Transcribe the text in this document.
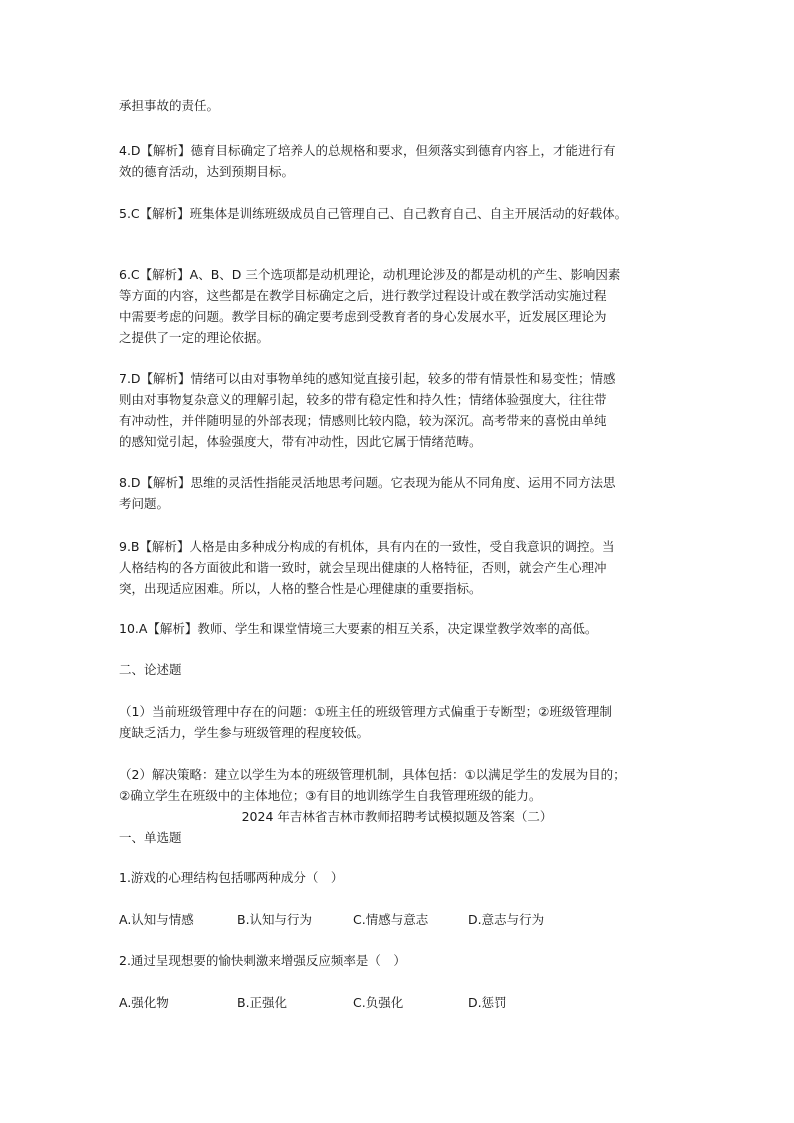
承担事故的责任。

4.D【解析】德育目标确定了培养人的总规格和要求，但须落实到德育内容上，才能进行有
效的德育活动，达到预期目标。

5.C【解析】班集体是训练班级成员自己管理自己、自己教育自己、自主开展活动的好载体。

6.C【解析】A、B、D 三个选项都是动机理论，动机理论涉及的都是动机的产生、影响因素
等方面的内容，这些都是在教学目标确定之后，进行教学过程设计或在教学活动实施过程
中需要考虑的问题。教学目标的确定要考虑到受教育者的身心发展水平，近发展区理论为
之提供了一定的理论依据。

7.D【解析】情绪可以由对事物单纯的感知觉直接引起，较多的带有情景性和易变性；情感
则由对事物复杂意义的理解引起，较多的带有稳定性和持久性；情绪体验强度大，往往带
有冲动性，并伴随明显的外部表现；情感则比较内隐，较为深沉。高考带来的喜悦由单纯
的感知觉引起，体验强度大，带有冲动性，因此它属于情绪范畴。

8.D【解析】思维的灵活性指能灵活地思考问题。它表现为能从不同角度、运用不同方法思
考问题。

9.B【解析】人格是由多种成分构成的有机体，具有内在的一致性，受自我意识的调控。当
人格结构的各方面彼此和谐一致时，就会呈现出健康的人格特征，否则，就会产生心理冲
突，出现适应困难。所以，人格的整合性是心理健康的重要指标。

10.A【解析】教师、学生和课堂情境三大要素的相互关系，决定课堂教学效率的高低。

二、论述题

（1）当前班级管理中存在的问题：①班主任的班级管理方式偏重于专断型；②班级管理制
度缺乏活力，学生参与班级管理的程度较低。

（2）解决策略：建立以学生为本的班级管理机制，具体包括：①以满足学生的发展为目的；
②确立学生在班级中的主体地位；③有目的地训练学生自我管理班级的能力。

2024 年吉林省吉林市教师招聘考试模拟题及答案（二）

一、单选题

1.游戏的心理结构包括哪两种成分（　）

A.认知与情感	B.认知与行为	C.情感与意志	D.意志与行为

2.通过呈现想要的愉快刺激来增强反应频率是（　）

A.强化物	B.正强化	C.负强化	D.惩罚
